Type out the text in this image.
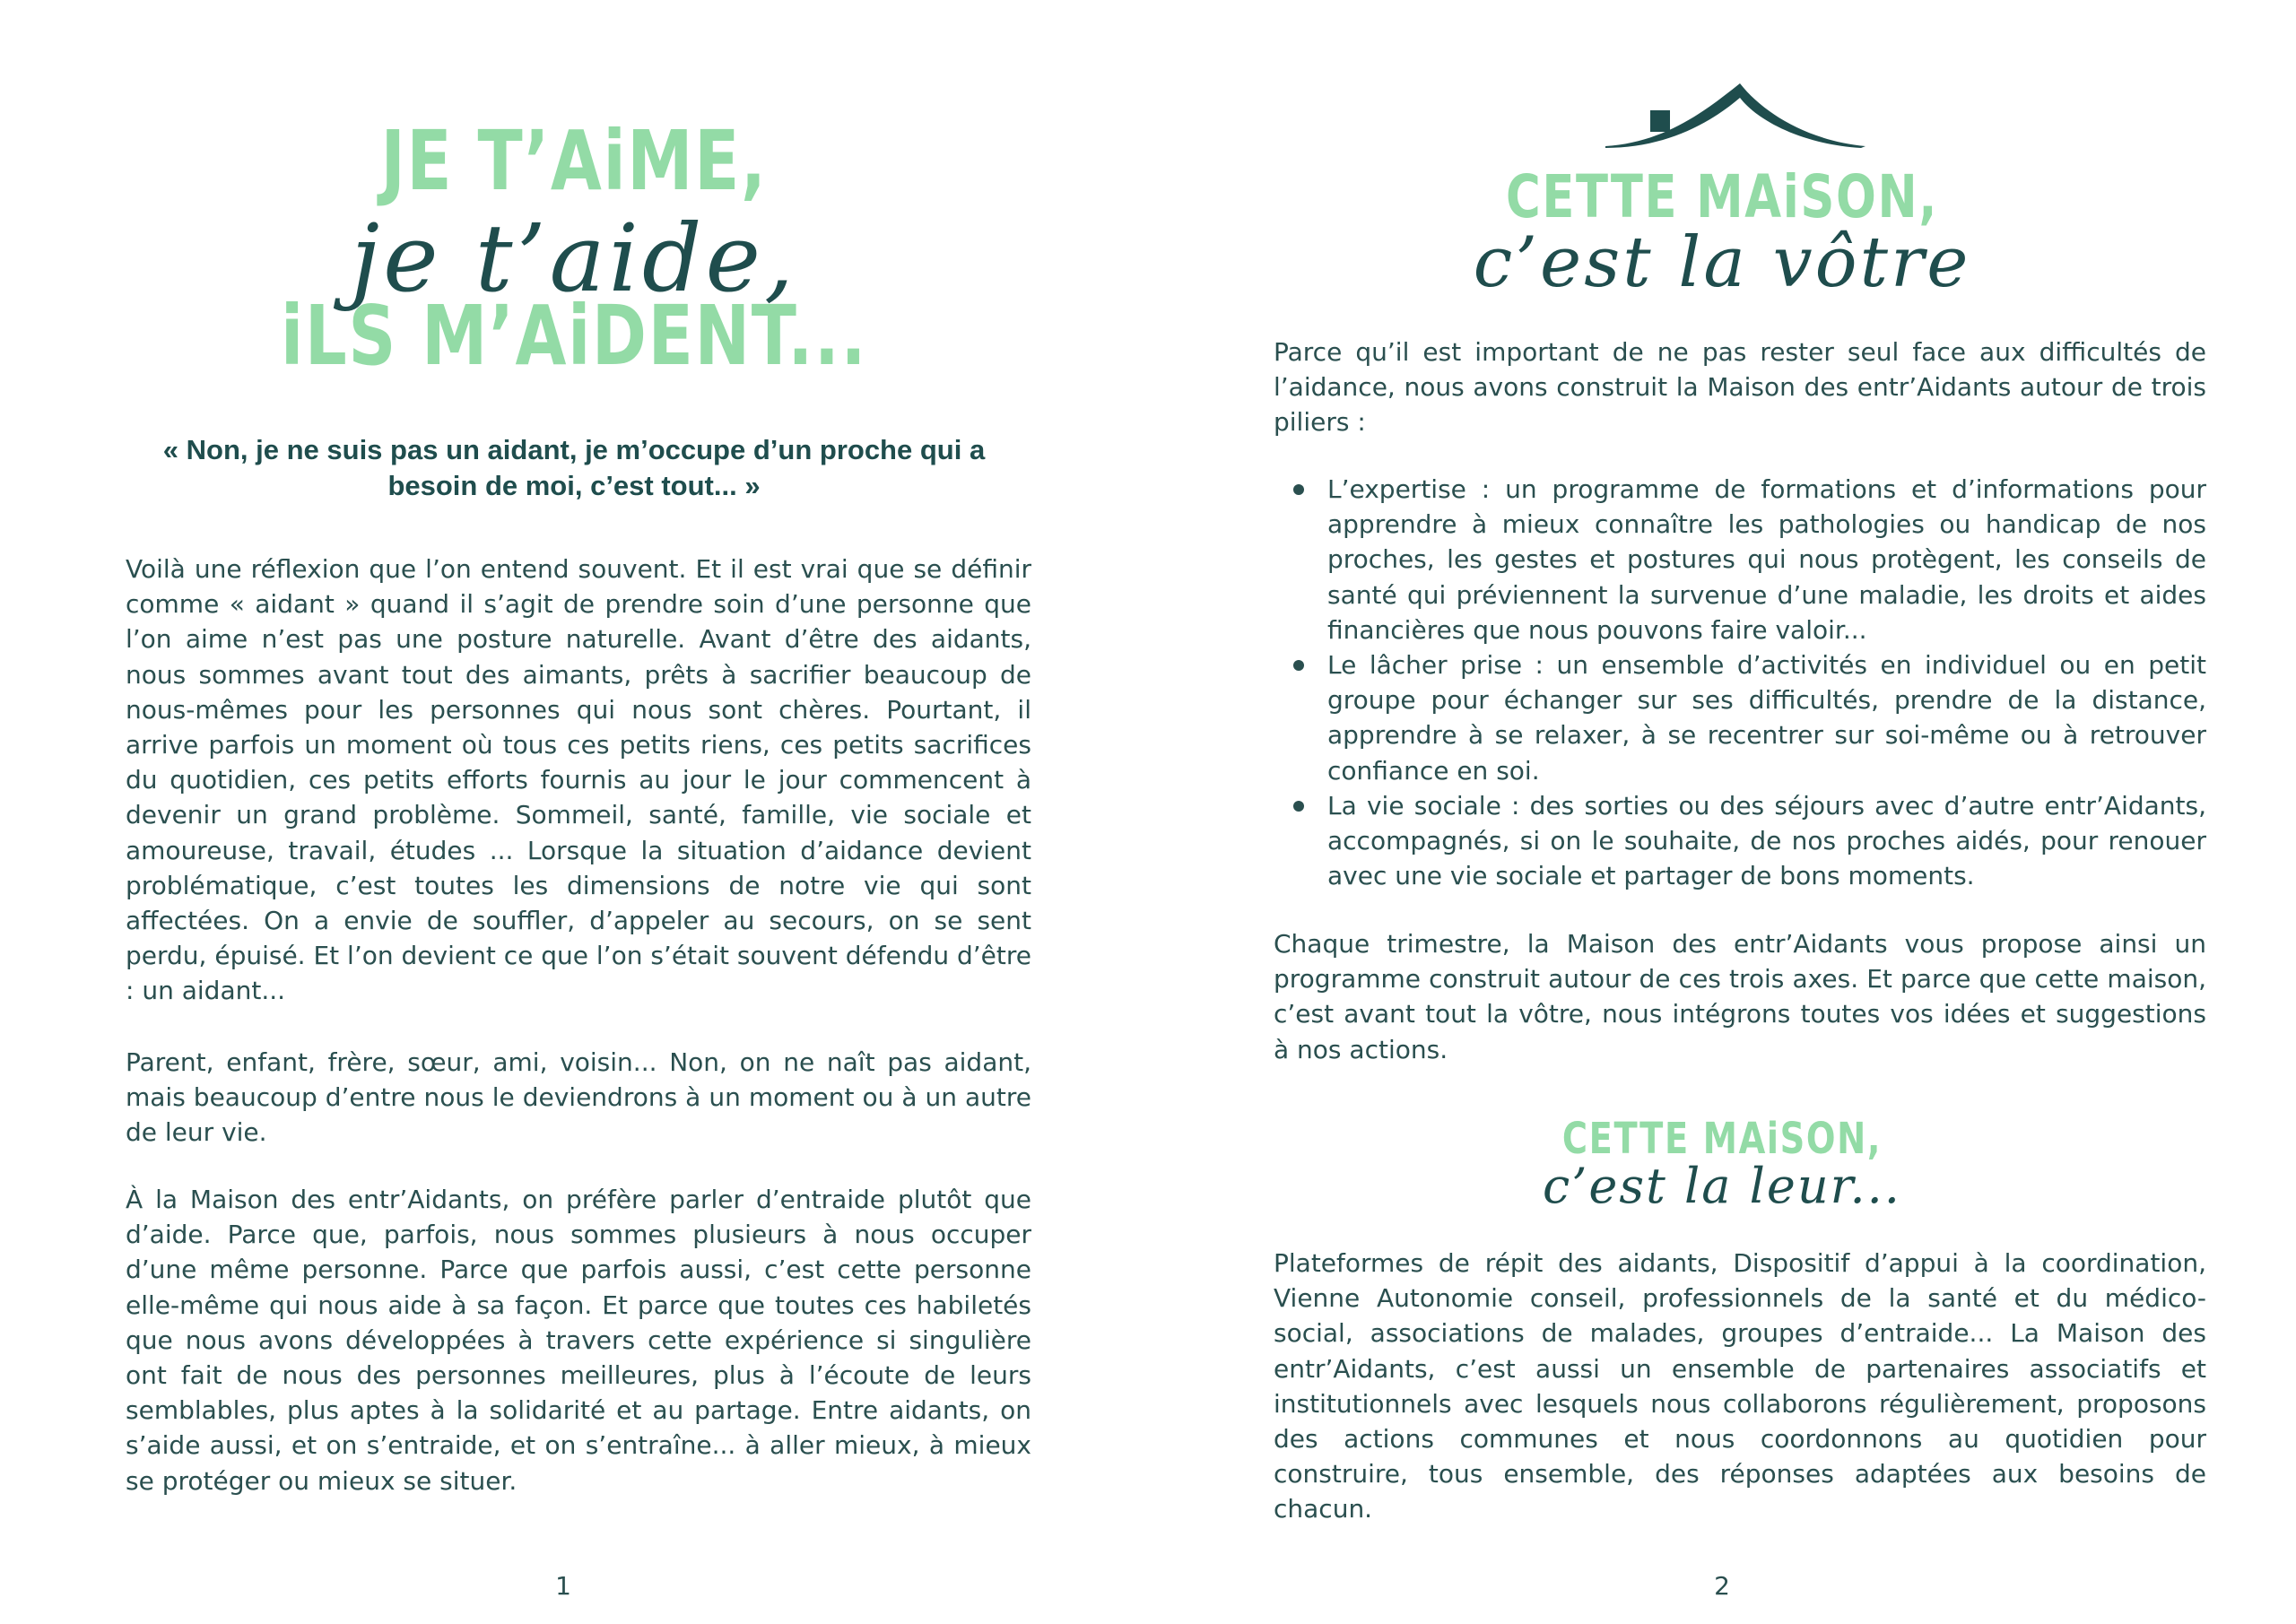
JE T’AiME,
je t’aide,
iLS M’AiDENT...

« Non, je ne suis pas un aidant, je m’occupe d’un proche qui a besoin de moi, c’est tout... »

Voilà une réflexion que l’on entend souvent. Et il est vrai que se définir comme « aidant » quand il s’agit de prendre soin d’une personne que l’on aime n’est pas une posture naturelle. Avant d’être des aidants, nous sommes avant tout des aimants, prêts à sacrifier beaucoup de nous-mêmes pour les personnes qui nous sont chères. Pourtant, il arrive parfois un moment où tous ces petits riens, ces petits sacrifices du quotidien, ces petits efforts fournis au jour le jour commencent à devenir un grand problème. Sommeil, santé, famille, vie sociale et amoureuse, travail, études ... Lorsque la situation d’aidance devient problématique, c’est toutes les dimensions de notre vie qui sont affectées. On a envie de souffler, d’appeler au secours, on se sent perdu, épuisé. Et l’on devient ce que l’on s’était souvent défendu d’être : un aidant...

Parent, enfant, frère, sœur, ami, voisin... Non, on ne naît pas aidant, mais beaucoup d’entre nous le deviendrons à un moment ou à un autre de leur vie.

À la Maison des entr’Aidants, on préfère parler d’entraide plutôt que d’aide. Parce que, parfois, nous sommes plusieurs à nous occuper d’une même personne. Parce que parfois aussi, c’est cette personne elle-même qui nous aide à sa façon. Et parce que toutes ces habiletés que nous avons développées à travers cette expérience si singulière ont fait de nous des personnes meilleures, plus à l’écoute de leurs semblables, plus aptes à la solidarité et au partage. Entre aidants, on s’aide aussi, et on s’entraide, et on s’entraîne... à aller mieux, à mieux se protéger ou mieux se situer.

1
CETTE MAiSON,
c’est la vôtre

Parce qu’il est important de ne pas rester seul face aux difficultés de l’aidance, nous avons construit la Maison des entr’Aidants autour de trois piliers :

L’expertise : un programme de formations et d’informations pour apprendre à mieux connaître les pathologies ou handicap de nos proches, les gestes et postures qui nous protègent, les conseils de santé qui préviennent la survenue d’une maladie, les droits et aides financières que nous pouvons faire valoir...
Le lâcher prise : un ensemble d’activités en individuel ou en petit groupe pour échanger sur ses difficultés, prendre de la distance, apprendre à se relaxer, à se recentrer sur soi-même ou à retrouver confiance en soi.
La vie sociale : des sorties ou des séjours avec d’autre entr’Aidants, accompagnés, si on le souhaite, de nos proches aidés, pour renouer avec une vie sociale et partager de bons moments.

Chaque trimestre, la Maison des entr’Aidants vous propose ainsi un programme construit autour de ces trois axes. Et parce que cette maison, c’est avant tout la vôtre, nous intégrons toutes vos idées et suggestions à nos actions.

CETTE MAiSON,
c’est la leur...

Plateformes de répit des aidants, Dispositif d’appui à la coordination, Vienne Autonomie conseil, professionnels de la santé et du médico-social, associations de malades, groupes d’entraide... La Maison des entr’Aidants, c’est aussi un ensemble de partenaires associatifs et institutionnels avec lesquels nous collaborons régulièrement, proposons des actions communes et nous coordonnons au quotidien pour construire, tous ensemble, des réponses adaptées aux besoins de chacun.

2
